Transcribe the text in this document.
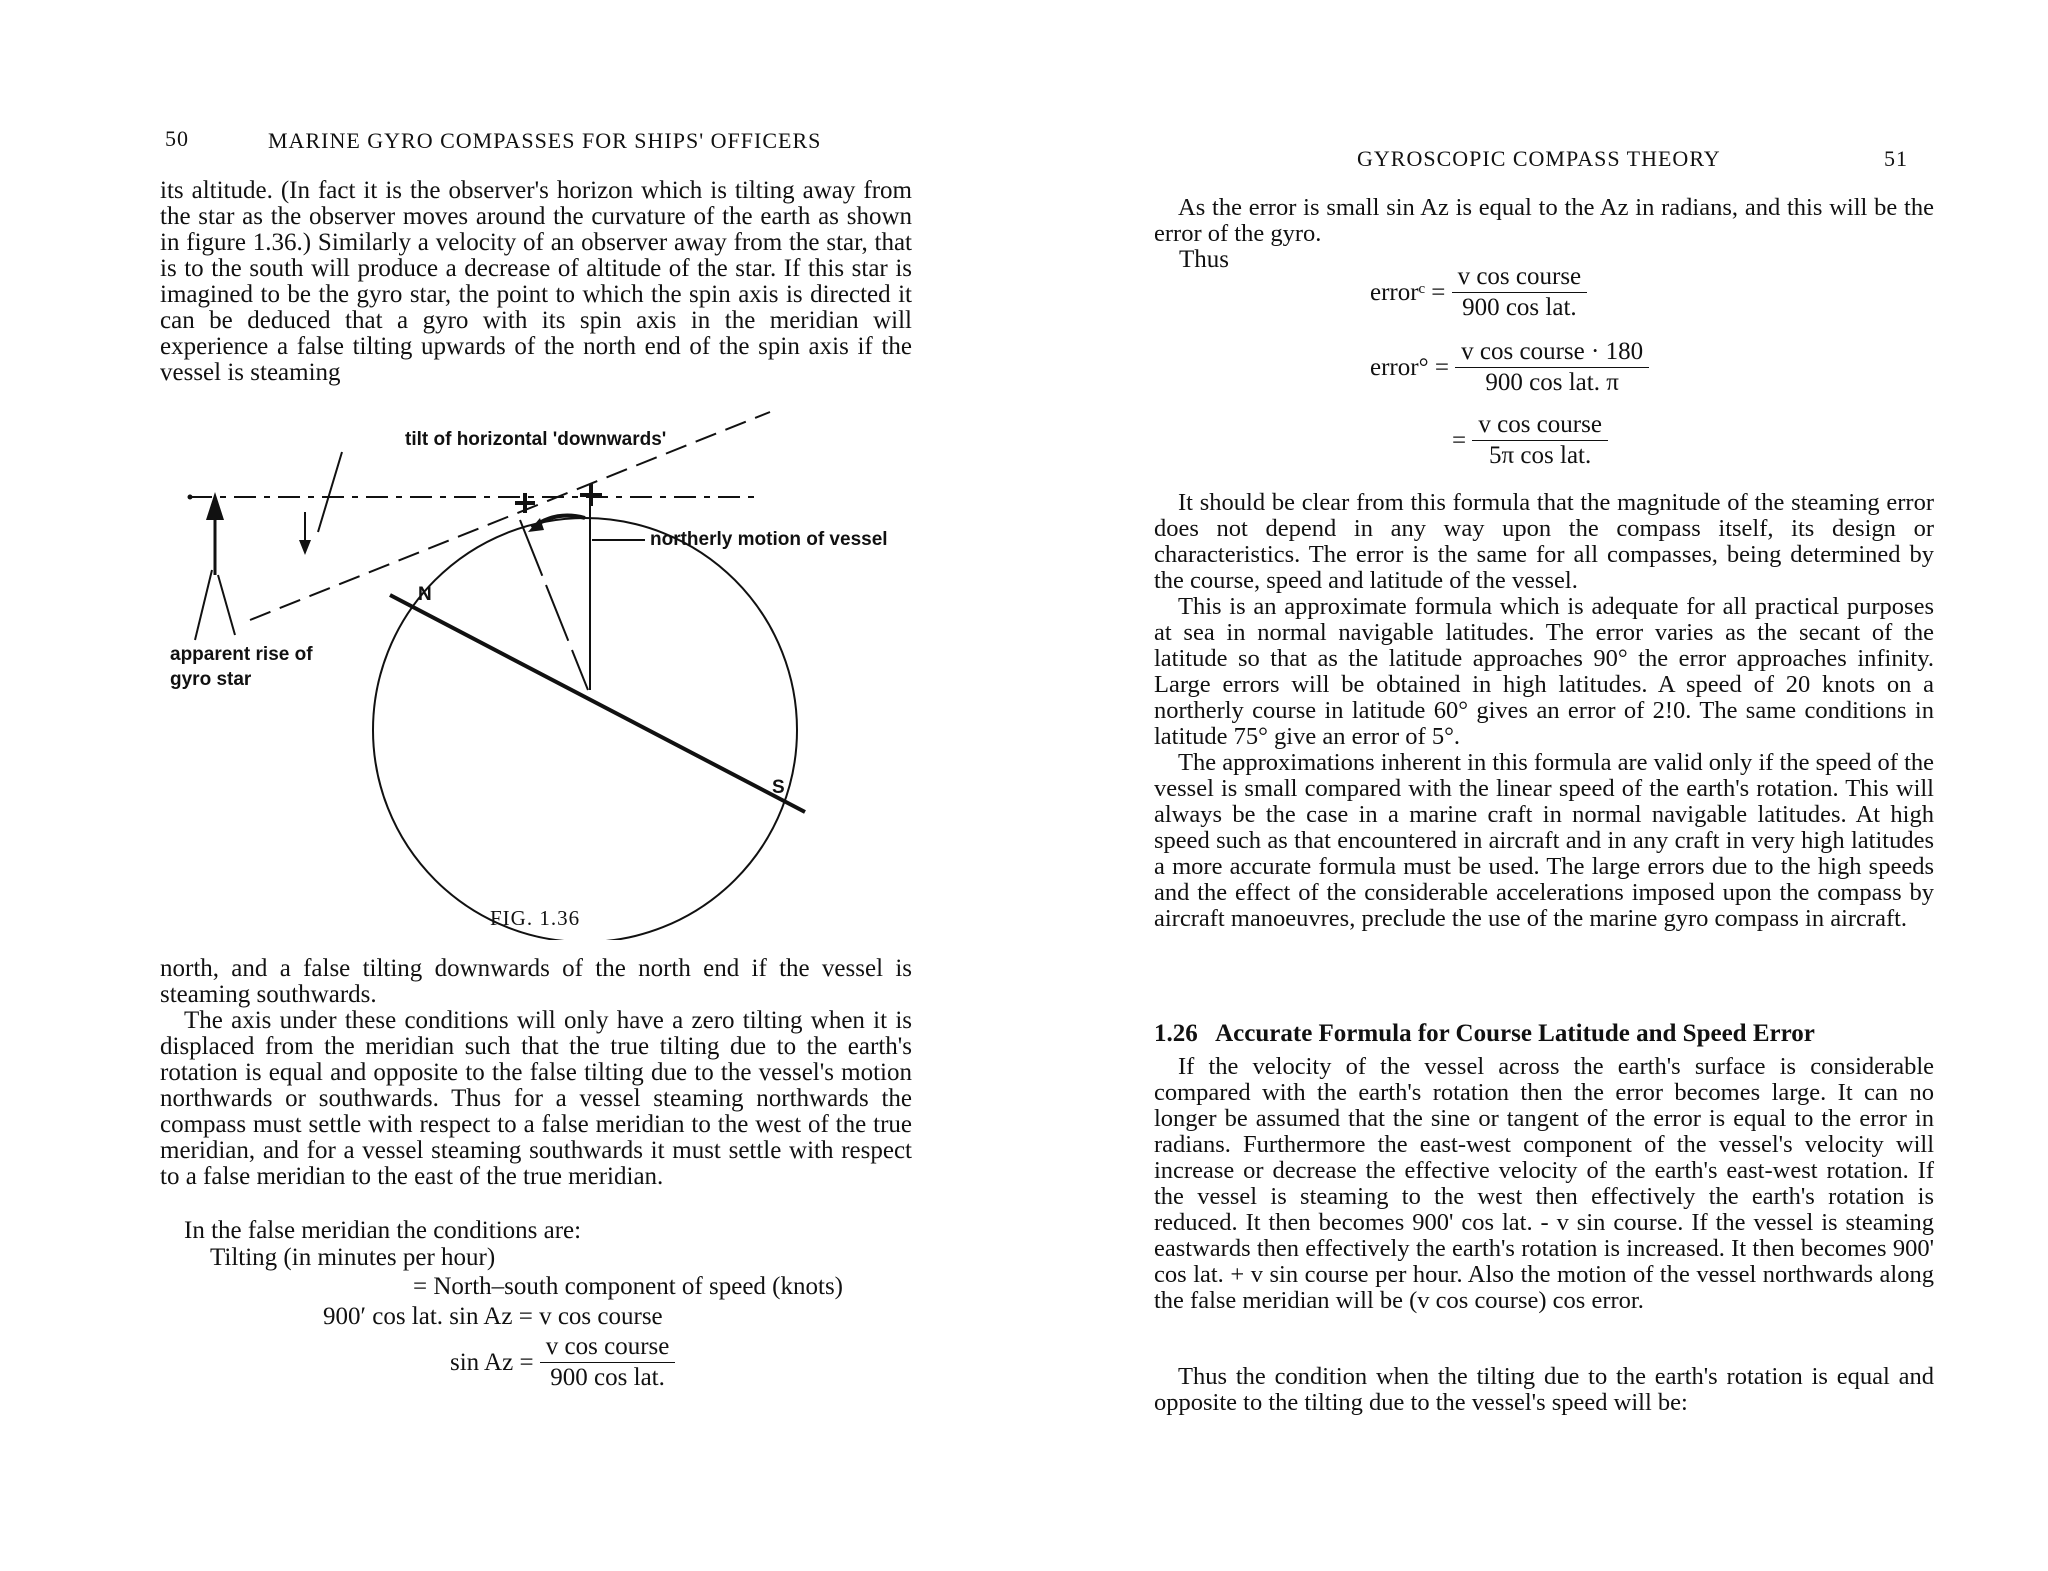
50	MARINE GYRO COMPASSES FOR SHIPS' OFFICERS

its altitude. (In fact it is the observer's horizon which is tilting away from the star as the observer moves around the curvature of the earth as shown in figure 1.36.) Similarly a velocity of an observer away from the star, that is to the south will produce a decrease of altitude of the star. If this star is imagined to be the gyro star, the point to which the spin axis is directed it can be deduced that a gyro with its spin axis in the meridian will experience a false tilting upwards of the north end of the spin axis if the vessel is steaming

tilt of horizontal 'downwards'
northerly motion of vessel
apparent rise of
gyro star
N
S
FIG. 1.36

north, and a false tilting downwards of the north end if the vessel is steaming southwards.

The axis under these conditions will only have a zero tilting when it is displaced from the meridian such that the true tilting due to the earth's rotation is equal and opposite to the false tilting due to the vessel's motion northwards or southwards. Thus for a vessel steaming northwards the compass must settle with respect to a false meridian to the west of the true meridian, and for a vessel steaming southwards it must settle with respect to a false meridian to the east of the true meridian.

In the false meridian the conditions are:

Tilting (in minutes per hour)
= North–south component of speed (knots)
900′ cos lat. sin Az = v cos course
$\sin Az = \frac{\text{v cos course}}{\text{900 cos lat.}}$
GYROSCOPIC COMPASS THEORY	51

As the error is small sin Az is equal to the Az in radians, and this will be the error of the gyro.

Thus
errorᶜ = $\frac{\text{v cos course}}{\text{900 cos lat.}}$
error° = $\frac{\text{v cos course · 180}}{\text{900 cos lat. π}}$
= $\frac{\text{v cos course}}{\text{5π cos lat.}}$

It should be clear from this formula that the magnitude of the steaming error does not depend in any way upon the compass itself, its design or characteristics. The error is the same for all compasses, being determined by the course, speed and latitude of the vessel.

This is an approximate formula which is adequate for all practical purposes at sea in normal navigable latitudes. The error varies as the secant of the latitude so that as the latitude approaches 90° the error approaches infinity. Large errors will be obtained in high latitudes. A speed of 20 knots on a northerly course in latitude 60° gives an error of 2!0. The same conditions in latitude 75° give an error of 5°.

The approximations inherent in this formula are valid only if the speed of the vessel is small compared with the linear speed of the earth's rotation. This will always be the case in a marine craft in normal navigable latitudes. At high speed such as that encountered in aircraft and in any craft in very high latitudes a more accurate formula must be used. The large errors due to the high speeds and the effect of the considerable accelerations imposed upon the compass by aircraft manoeuvres, preclude the use of the marine gyro compass in aircraft.

1.26   Accurate Formula for Course Latitude and Speed Error

If the velocity of the vessel across the earth's surface is considerable compared with the earth's rotation then the error becomes large. It can no longer be assumed that the sine or tangent of the error is equal to the error in radians. Furthermore the east-west component of the vessel's velocity will increase or decrease the effective velocity of the earth's east-west rotation. If the vessel is steaming to the west then effectively the earth's rotation is reduced. It then becomes 900' cos lat. - v sin course. If the vessel is steaming eastwards then effectively the earth's rotation is increased. It then becomes 900' cos lat. + v sin course per hour. Also the motion of the vessel northwards along the false meridian will be (v cos course) cos error.

Thus the condition when the tilting due to the earth's rotation is equal and opposite to the tilting due to the vessel's speed will be:
